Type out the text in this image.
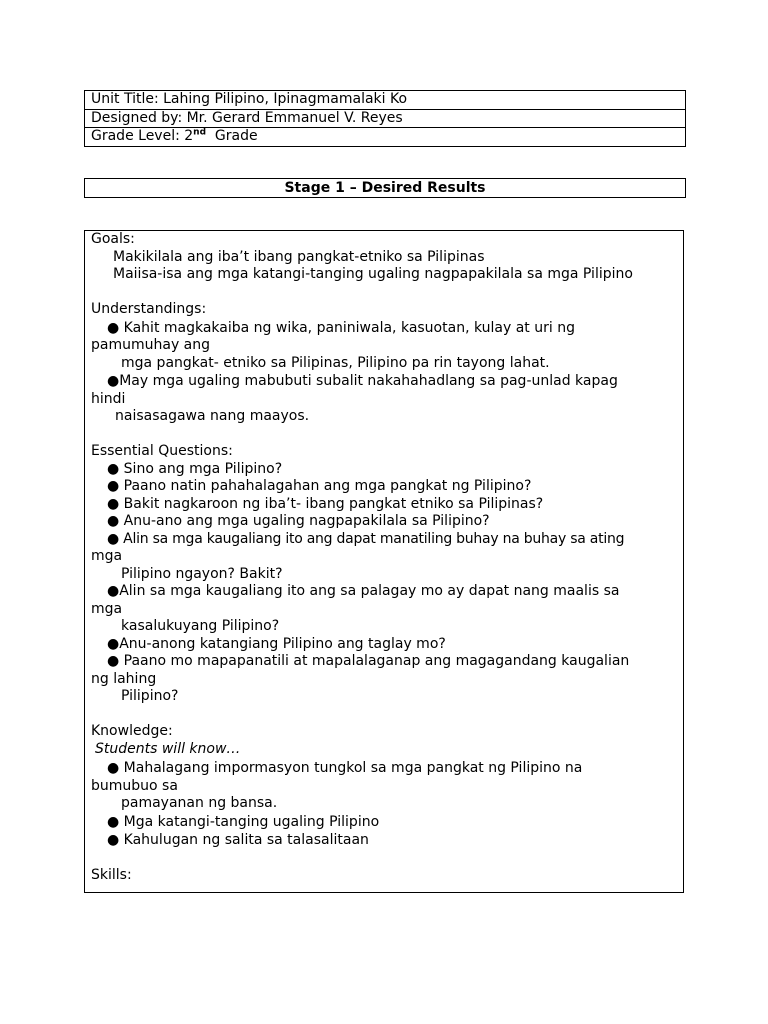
Unit Title: Lahing Pilipino, Ipinagmamalaki Ko
Designed by: Mr. Gerard Emmanuel V. Reyes
Grade Level: 2nd  Grade
Stage 1 – Desired Results
Goals:
Makikilala ang iba’t ibang pangkat-etniko sa Pilipinas
Maiisa-isa ang mga katangi-tanging ugaling nagpapakilala sa mga Pilipino
Understandings:
● Kahit magkakaiba ng wika, paniniwala, kasuotan, kulay at uri ng
pamumuhay ang
mga pangkat- etniko sa Pilipinas, Pilipino pa rin tayong lahat.
●May mga ugaling mabubuti subalit nakahahadlang sa pag-unlad kapag
hindi
naisasagawa nang maayos.
Essential Questions:
● Sino ang mga Pilipino?
● Paano natin pahahalagahan ang mga pangkat ng Pilipino?
● Bakit nagkaroon ng iba’t- ibang pangkat etniko sa Pilipinas?
● Anu-ano ang mga ugaling nagpapakilala sa Pilipino?
● Alin sa mga kaugaliang ito ang dapat manatiling buhay na buhay sa ating
mga
Pilipino ngayon? Bakit?
●Alin sa mga kaugaliang ito ang sa palagay mo ay dapat nang maalis sa
mga
kasalukuyang Pilipino?
●Anu-anong katangiang Pilipino ang taglay mo?
● Paano mo mapapanatili at mapalalaganap ang magagandang kaugalian
ng lahing
Pilipino?
Knowledge:
Students will know…
● Mahalagang impormasyon tungkol sa mga pangkat ng Pilipino na
bumubuo sa
pamayanan ng bansa.
● Mga katangi-tanging ugaling Pilipino
● Kahulugan ng salita sa talasalitaan
Skills:
